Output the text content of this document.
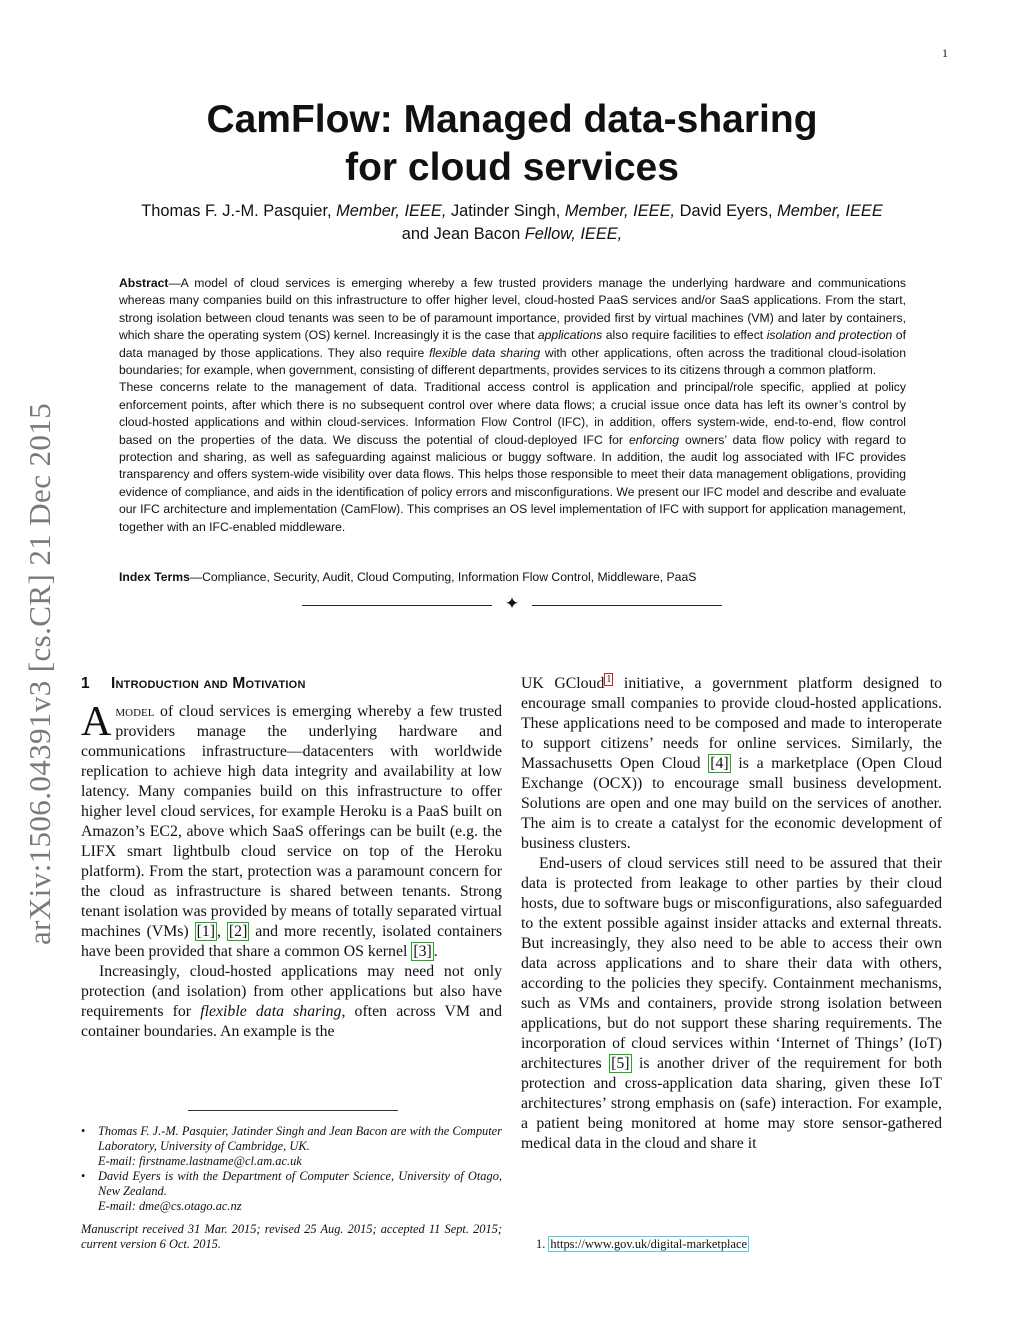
1
arXiv:1506.04391v3 [cs.CR] 21 Dec 2015
CamFlow: Managed data-sharing
for cloud services
Thomas F. J.-M. Pasquier, Member, IEEE, Jatinder Singh, Member, IEEE, David Eyers, Member, IEEE
and Jean Bacon Fellow, IEEE,

Abstract—A model of cloud services is emerging whereby a few trusted providers manage the underlying hardware and communications whereas many companies build on this infrastructure to offer higher level, cloud-hosted PaaS services and/or SaaS applications. From the start, strong isolation between cloud tenants was seen to be of paramount importance, provided first by virtual machines (VM) and later by containers, which share the operating system (OS) kernel. Increasingly it is the case that applications also require facilities to effect isolation and protection of data managed by those applications. They also require flexible data sharing with other applications, often across the traditional cloud-isolation boundaries; for example, when government, consisting of different departments, provides services to its citizens through a common platform.

These concerns relate to the management of data. Traditional access control is application and principal/role specific, applied at policy enforcement points, after which there is no subsequent control over where data flows; a crucial issue once data has left its owner’s control by cloud-hosted applications and within cloud-services. Information Flow Control (IFC), in addition, offers system-wide, end-to-end, flow control based on the properties of the data. We discuss the potential of cloud-deployed IFC for enforcing owners’ data flow policy with regard to protection and sharing, as well as safeguarding against malicious or buggy software. In addition, the audit log associated with IFC provides transparency and offers system-wide visibility over data flows. This helps those responsible to meet their data management obligations, providing evidence of compliance, and aids in the identification of policy errors and misconfigurations. We present our IFC model and describe and evaluate our IFC architecture and implementation (CamFlow). This comprises an OS level implementation of IFC with support for application management, together with an IFC-enabled middleware.

Index Terms—Compliance, Security, Audit, Cloud Computing, Information Flow Control, Middleware, PaaS
✦
1 Introduction and Motivation

Amodel of cloud services is emerging whereby a few trusted providers manage the underlying hardware and communications infrastructure—datacenters with worldwide replication to achieve high data integrity and availability at low latency. Many companies build on this infrastructure to offer higher level cloud services, for example Heroku is a PaaS built on Amazon’s EC2, above which SaaS offerings can be built (e.g. the LIFX smart lightbulb cloud service on top of the Heroku platform). From the start, protection was a paramount concern for the cloud as infrastructure is shared between tenants. Strong tenant isolation was provided by means of totally separated virtual machines (VMs) [1] , [2] and more recently, isolated containers have been provided that share a common OS kernel [3] .

Increasingly, cloud-hosted applications may need not only protection (and isolation) from other applications but also have requirements for flexible data sharing, often across VM and container boundaries. An example is the

UK GCloud $^1$ initiative, a government platform designed to encourage small companies to provide cloud-hosted applications. These applications need to be composed and made to interoperate to support citizens’ needs for online services. Similarly, the Massachusetts Open Cloud [4] is a marketplace (Open Cloud Exchange (OCX)) to encourage small business development. Solutions are open and one may build on the services of another. The aim is to create a catalyst for the economic development of business clusters.

End-users of cloud services still need to be assured that their data is protected from leakage to other parties by their cloud hosts, due to software bugs or misconfigurations, also safeguarded to the extent possible against insider attacks and external threats. But increasingly, they also need to be able to access their own data across applications and to share their data with others, according to the policies they specify. Containment mechanisms, such as VMs and containers, provide strong isolation between applications, but do not support these sharing requirements. The incorporation of cloud services within ‘Internet of Things’ (IoT) architectures [5] is another driver of the requirement for both protection and cross-application data sharing, given these IoT architectures’ strong emphasis on (safe) interaction. For example, a patient being monitored at home may store sensor-gathered medical data in the cloud and share it

• Thomas F. J.-M. Pasquier, Jatinder Singh and Jean Bacon are with the Computer Laboratory, University of Cambridge, UK.
E-mail: firstname.lastname@cl.am.ac.uk
• David Eyers is with the Department of Computer Science, University of Otago, New Zealand.
E-mail: dme@cs.otago.ac.nz
Manuscript received 31 Mar. 2015; revised 25 Aug. 2015; accepted 11 Sept. 2015; current version 6 Oct. 2015.	1. https://www.gov.uk/digital-marketplace
